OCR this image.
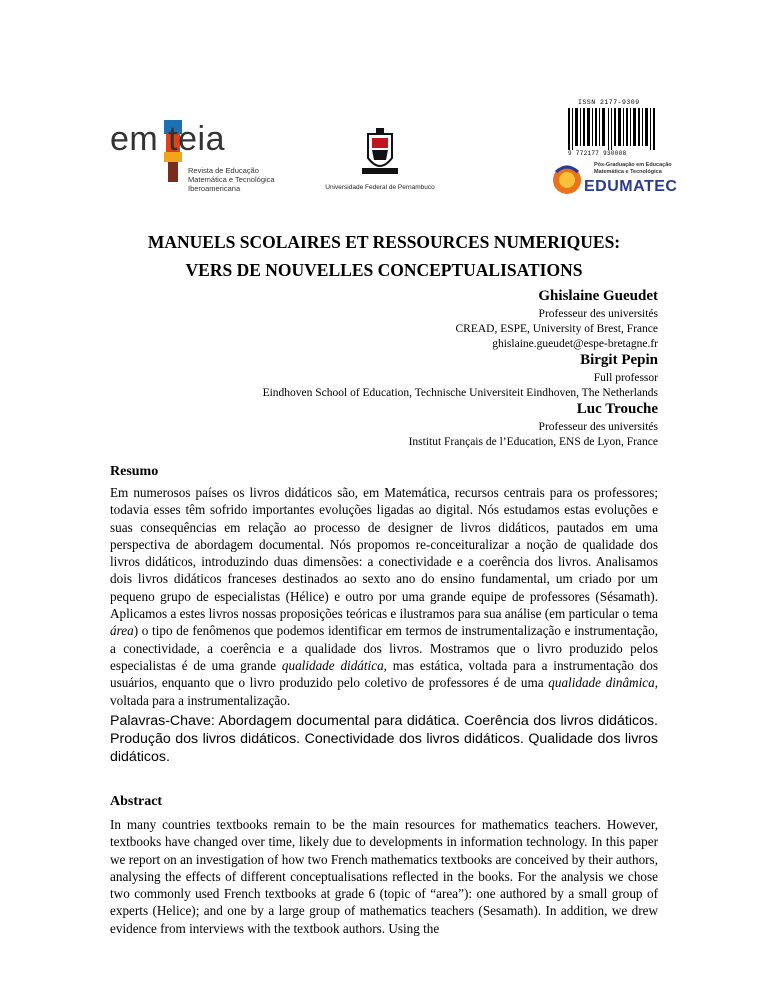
em teia
Revista de Educação
Matemática e Tecnológica
Iberoamericana	Universidade Federal de Pernambuco
ISSN 2177-9309
9 772177 930008
Pós-Graduação em Educação Matemática e Tecnológica
EDUMATEC
MANUELS SCOLAIRES ET RESSOURCES NUMERIQUES:
VERS DE NOUVELLES CONCEPTUALISATIONS
Ghislaine Gueudet
Professeur des universités
CREAD, ESPE, University of Brest, France
ghislaine.gueudet@espe-bretagne.fr
Birgit Pepin
Full professor
Eindhoven School of Education, Technische Universiteit Eindhoven, The Netherlands
Luc Trouche
Professeur des universités
Institut Français de l’Education, ENS de Lyon, France
Resumo
Em numerosos países os livros didáticos são, em Matemática, recursos centrais para os professores; todavia esses têm sofrido importantes evoluções ligadas ao digital. Nós estudamos estas evoluções e suas consequências em relação ao processo de designer de livros didáticos, pautados em uma perspectiva de abordagem documental. Nós propomos re-conceituralizar a noção de qualidade dos livros didáticos, introduzindo duas dimensões: a conectividade e a coerência dos livros. Analisamos dois livros didáticos franceses destinados ao sexto ano do ensino fundamental, um criado por um pequeno grupo de especialistas (Hélice) e outro por uma grande equipe de professores (Sésamath). Aplicamos a estes livros nossas proposições teóricas e ilustramos para sua análise (em particular o tema área) o tipo de fenômenos que podemos identificar em termos de instrumentalização e instrumentação, a conectividade, a coerência e a qualidade dos livros. Mostramos que o livro produzido pelos especialistas é de uma grande qualidade didática, mas estática, voltada para a instrumentação dos usuários, enquanto que o livro produzido pelo coletivo de professores é de uma qualidade dinâmica, voltada para a instrumentalização.
Palavras-Chave: Abordagem documental para didática. Coerência dos livros didáticos. Produção dos livros didáticos. Conectividade dos livros didáticos. Qualidade dos livros didáticos.
Abstract
In many countries textbooks remain to be the main resources for mathematics teachers. However, textbooks have changed over time, likely due to developments in information technology. In this paper we report on an investigation of how two French mathematics textbooks are conceived by their authors, analysing the effects of different conceptualisations reflected in the books. For the analysis we chose two commonly used French textbooks at grade 6 (topic of “area”): one authored by a small group of experts (Helice); and one by a large group of mathematics teachers (Sesamath). In addition, we drew evidence from interviews with the textbook authors. Using the
